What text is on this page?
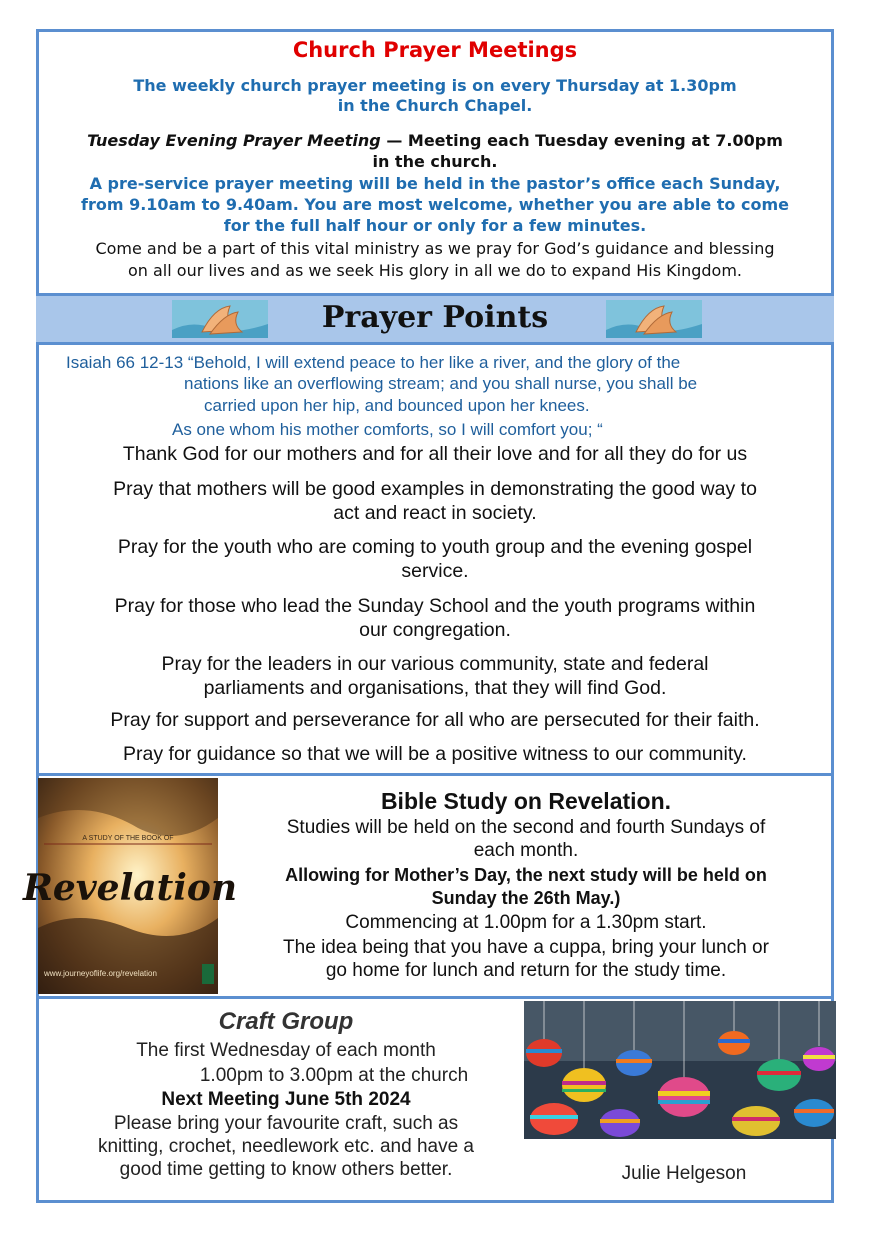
Church Prayer Meetings

The weekly church prayer meeting is on every Thursday at 1.30pm
in the Church Chapel.
Tuesday Evening Prayer Meeting — Meeting each Tuesday evening at 7.00pm
in the church.
A pre-service prayer meeting will be held in the pastor’s office each Sunday,
from 9.10am to 9.40am. You are most welcome, whether you are able to come
for the full half hour or only for a few minutes.
Come and be a part of this vital ministry as we pray for God’s guidance and blessing
on all our lives and as we seek His glory in all we do to expand His Kingdom.
Prayer Points
Isaiah 66 12-13 “Behold, I will extend peace to her like a river, and the glory of the
nations like an overflowing stream; and you shall nurse, you shall be
carried upon her hip, and bounced upon her knees.
As one whom his mother comforts, so I will comfort you; “
Thank God for our mothers and for all their love and for all they do for us
Pray that mothers will be good examples in demonstrating the good way to
act and react in society.
Pray for the youth who are coming to youth group and the evening gospel
service.
Pray for those who lead the Sunday School and the youth programs within
our congregation.
Pray for the leaders in our various community, state and federal
parliaments and organisations, that they will find God.
Pray for support and perseverance for all who are persecuted for their faith.
Pray for guidance so that we will be a positive witness to our community.
A STUDY OF THE BOOK OF
Revelation
www.journeyoflife.org/revelation
Bible Study on Revelation.
Studies will be held on the second and fourth Sundays of
each month.
Allowing for Mother’s Day, the next study will be held on
Sunday the 26th May.)
Commencing at 1.00pm for a 1.30pm start.
The idea being that you have a cuppa, bring your lunch or
go home for lunch and return for the study time.
Craft Group
The first Wednesday of each month
1.00pm to 3.00pm at the church
Next Meeting June 5th 2024
Please bring your favourite craft, such as
knitting, crochet, needlework etc. and have a
good time getting to know others better.	Julie Helgeson
